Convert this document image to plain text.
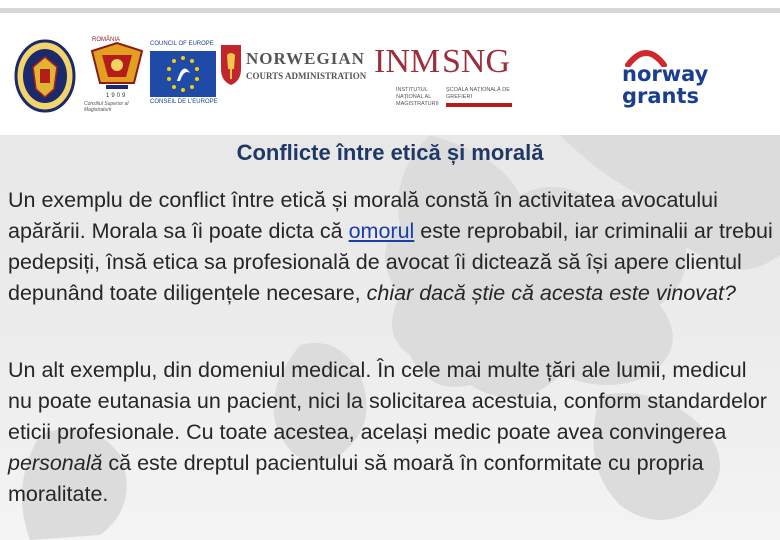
ROMÂNIA
1909
Consiliul Superior al Magistraturii
COUNCIL OF EUROPE
CONSEIL DE L'EUROPE
NORWEGIAN
COURTS ADMINISTRATION INM
INSTITUTUL NAȚIONAL AL MAGISTRATURII
SNG
ȘCOALA NAȚIONALĂ DE GREFIERI
norway
grants
Conflicte între etică și morală

Un exemplu de conflict între etică și morală constă în activitatea avocatului apărării. Morala sa îi poate dicta că omorul este reprobabil, iar criminalii ar trebui pedepsiți, însă etica sa profesională de avocat îi dictează să își apere clientul depunând toate diligențele necesare, chiar dacă știe că acesta este vinovat?

Un alt exemplu, din domeniul medical. În cele mai multe țări ale lumii, medicul nu poate eutanasia un pacient, nici la solicitarea acestuia, conform standardelor eticii profesionale. Cu toate acestea, același medic poate avea convingerea personală că este dreptul pacientului să moară în conformitate cu propria moralitate.
